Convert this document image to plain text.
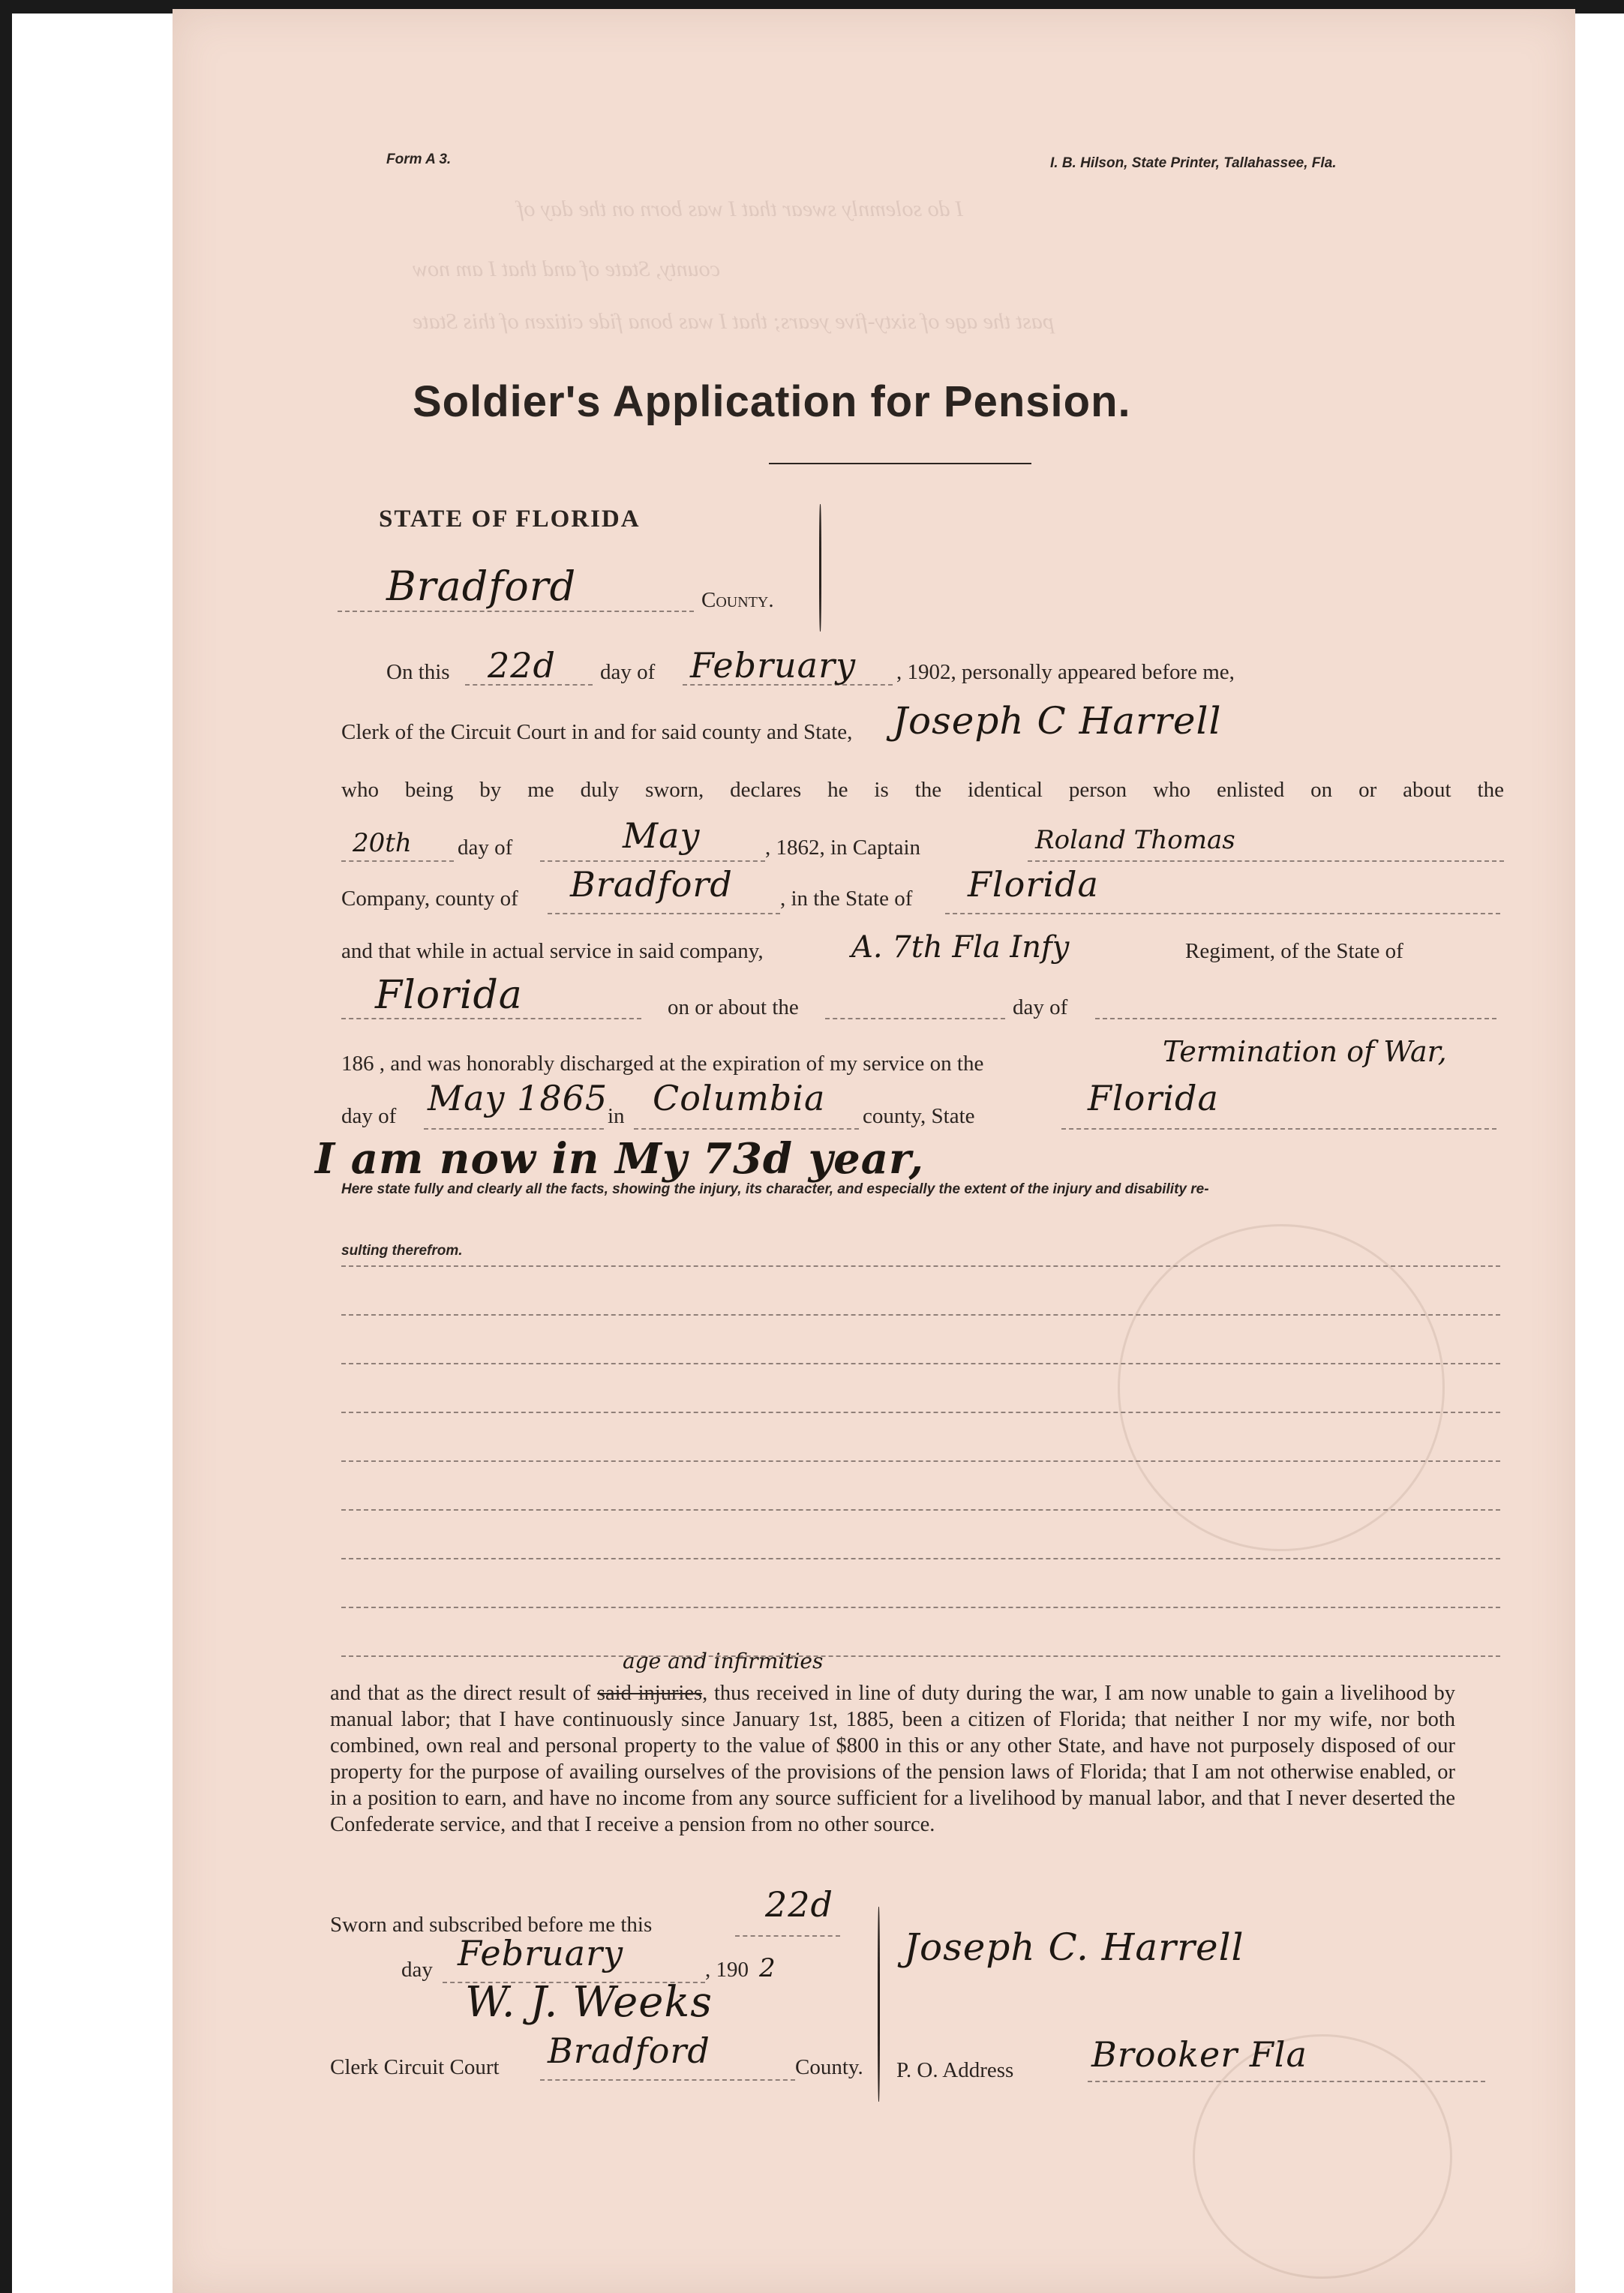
I do solemnly swear that I was born on the day of
county, State of and that I am now
past the age of sixty-five years; that I was bona fide citizen of this State
Form A 3.	I. B. Hilson, State Printer, Tallahassee, Fla.
Soldier's Application for Pension.
STATE OF FLORIDA
Bradford	County.
On this 22d day of February , 1902, personally appeared before me,
Clerk of the Circuit Court in and for said county and State, Joseph C Harrell
who being by me duly sworn, declares he is the identical person who enlisted on or about the
20th day of	May	, 1862, in Captain	Roland Thomas
Company, county of Bradford , in the State of Florida
and that while in actual service in said company,	A. 7th Fla Infy	Regiment, of the State of
Florida	on or about the	day of
186 , and was honorably discharged at the expiration of my service on the	Termination of War,
day of May 1865 in Columbia county, State	Florida
I am now in My 73d year,
Here state fully and clearly all the facts, showing the injury, its character, and especially the extent of the injury and disability re-
sulting therefrom.
age and infirmities
and that as the direct result of said injuries, thus received in line of duty during the war, I am now unable to gain a livelihood by manual labor; that I have continuously since January 1st, 1885, been a citizen of Florida; that neither I nor my wife, nor both combined, own real and personal property to the value of $800 in this or any other State, and have not purposely disposed of our property for the purpose of availing ourselves of the provisions of the pension laws of Florida; that I am not otherwise enabled, or in a position to earn, and have no income from any source sufficient for a livelihood by manual labor, and that I never deserted the Confederate service, and that I receive a pension from no other source.
Sworn and subscribed before me this	22d
day February	, 190 2
W. J. Weeks
Clerk Circuit Court Bradford	County.
Joseph C. Harrell
P. O. Address Brooker Fla
